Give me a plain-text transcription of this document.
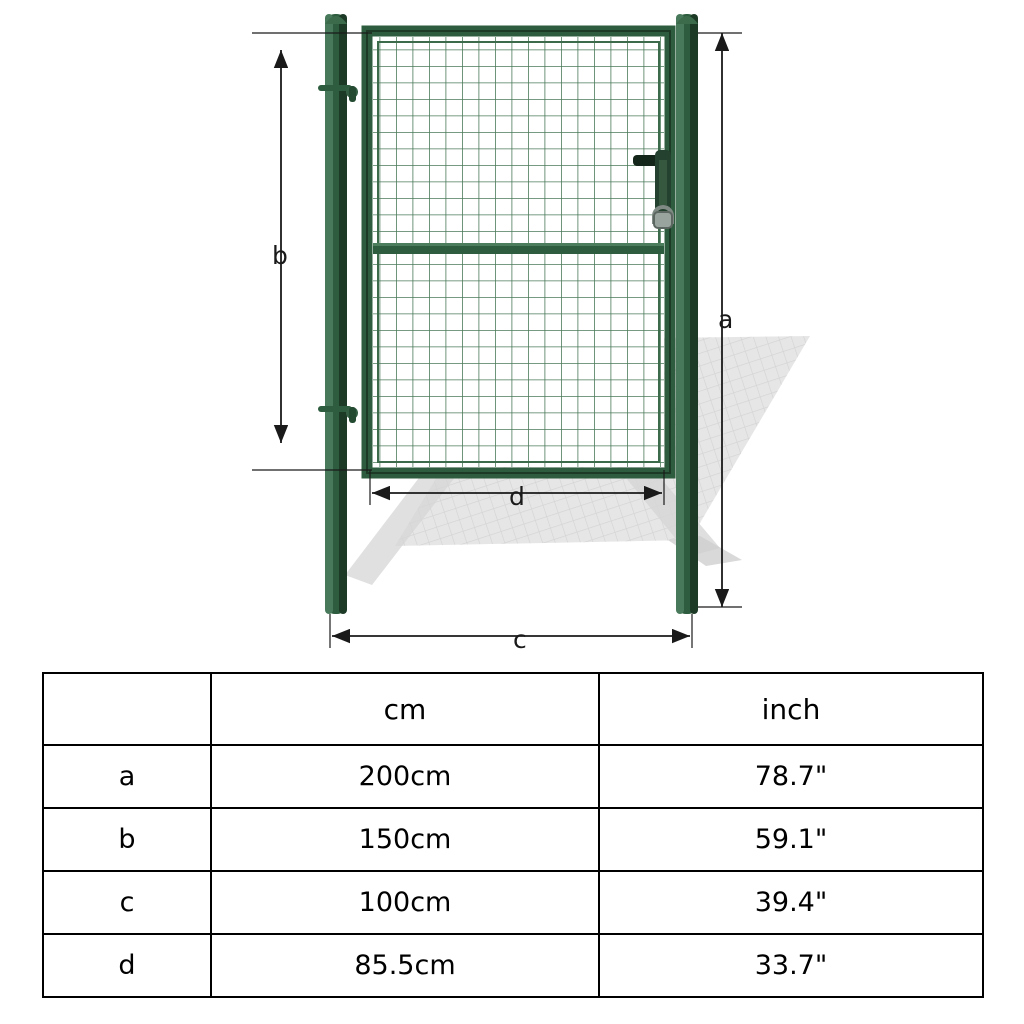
a
b
c
d
	cm	inch
a	200cm	78.7"
b	150cm	59.1"
c	100cm	39.4"
d	85.5cm	33.7"
